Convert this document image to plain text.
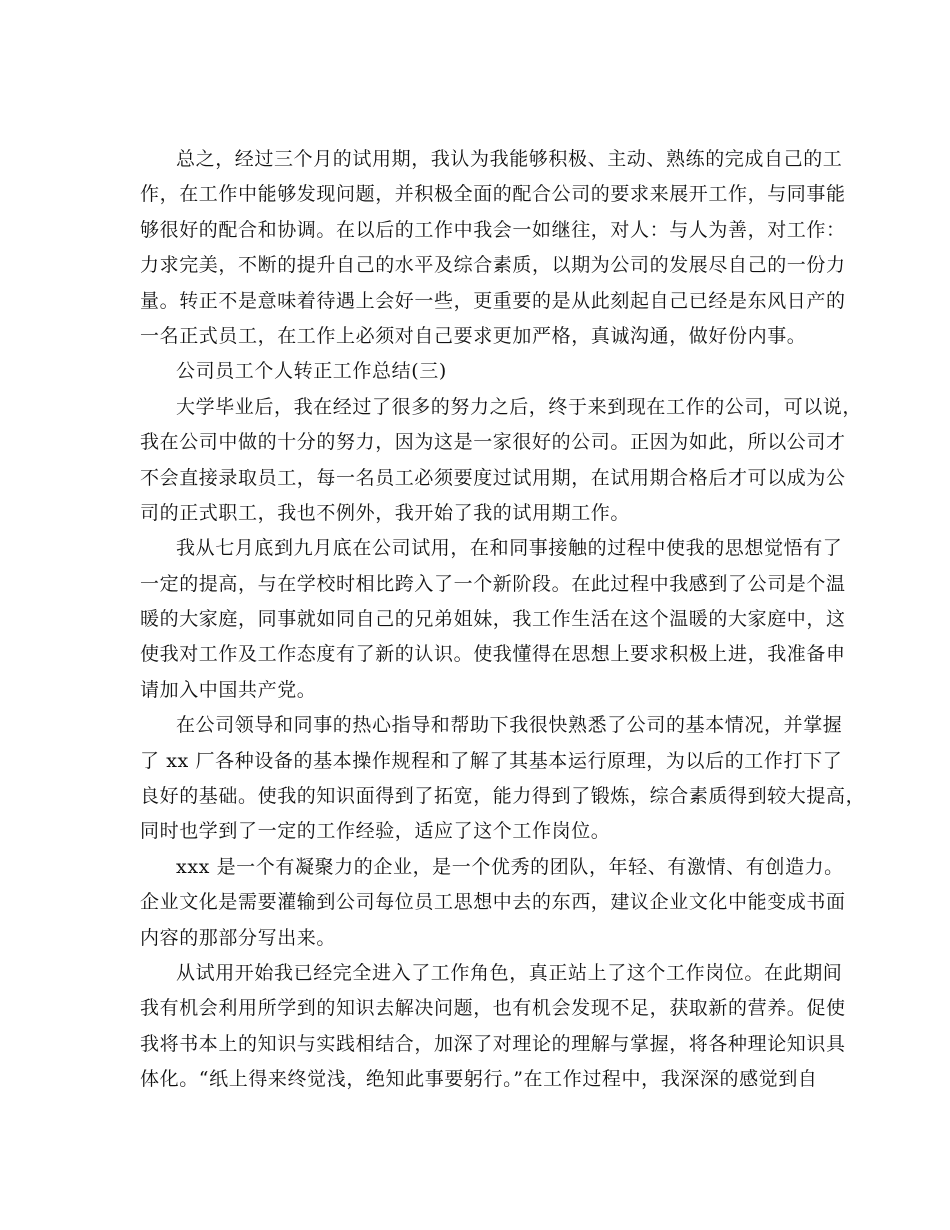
总之，经过三个月的试用期，我认为我能够积极、主动、熟练的完成自己的工
作，在工作中能够发现问题，并积极全面的配合公司的要求来展开工作，与同事能
够很好的配合和协调。在以后的工作中我会一如继往，对人：与人为善，对工作：
力求完美，不断的提升自己的水平及综合素质，以期为公司的发展尽自己的一份力
量。转正不是意味着待遇上会好一些，更重要的是从此刻起自己已经是东风日产的
一名正式员工，在工作上必须对自己要求更加严格，真诚沟通，做好份内事。
公司员工个人转正工作总结(三)
大学毕业后，我在经过了很多的努力之后，终于来到现在工作的公司，可以说，
我在公司中做的十分的努力，因为这是一家很好的公司。正因为如此，所以公司才
不会直接录取员工，每一名员工必须要度过试用期，在试用期合格后才可以成为公
司的正式职工，我也不例外，我开始了我的试用期工作。
我从七月底到九月底在公司试用，在和同事接触的过程中使我的思想觉悟有了
一定的提高，与在学校时相比跨入了一个新阶段。在此过程中我感到了公司是个温
暖的大家庭，同事就如同自己的兄弟姐妹，我工作生活在这个温暖的大家庭中，这
使我对工作及工作态度有了新的认识。使我懂得在思想上要求积极上进，我准备申
请加入中国共产党。
在公司领导和同事的热心指导和帮助下我很快熟悉了公司的基本情况，并掌握
了 xx 厂各种设备的基本操作规程和了解了其基本运行原理，为以后的工作打下了
良好的基础。使我的知识面得到了拓宽，能力得到了锻炼，综合素质得到较大提高，
同时也学到了一定的工作经验，适应了这个工作岗位。
xxx 是一个有凝聚力的企业，是一个优秀的团队，年轻、有激情、有创造力。
企业文化是需要灌输到公司每位员工思想中去的东西，建议企业文化中能变成书面
内容的那部分写出来。
从试用开始我已经完全进入了工作角色，真正站上了这个工作岗位。在此期间
我有机会利用所学到的知识去解决问题，也有机会发现不足，获取新的营养。促使
我将书本上的知识与实践相结合，加深了对理论的理解与掌握，将各种理论知识具
体化。“纸上得来终觉浅，绝知此事要躬行。”在工作过程中，我深深的感觉到自
